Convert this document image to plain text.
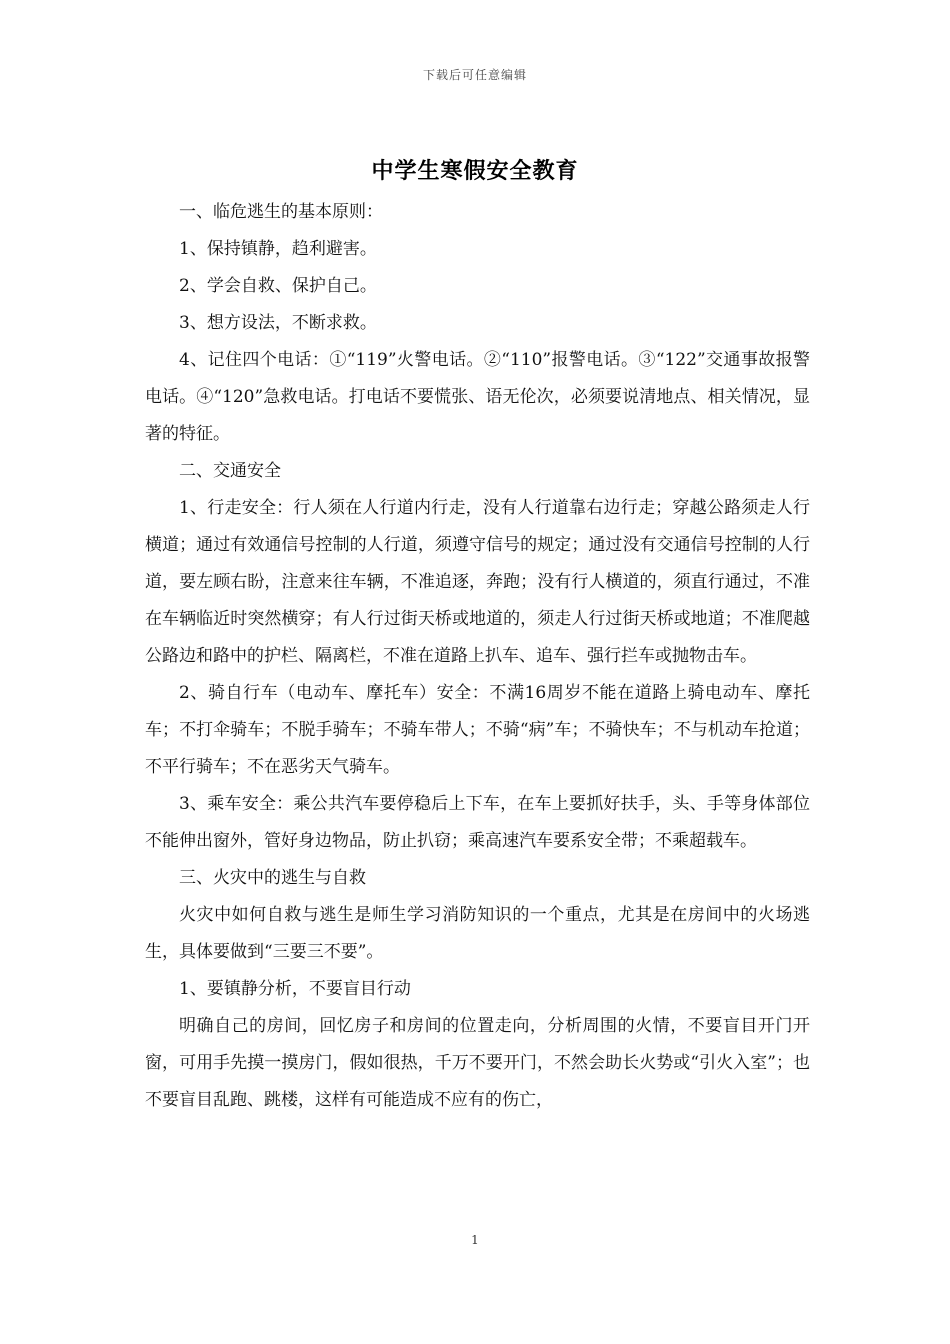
下载后可任意编辑
中学生寒假安全教育

一、临危逃生的基本原则：

1、保持镇静，趋利避害。

2、学会自救、保护自己。

3、想方设法，不断求救。

4、记住四个电话：①“119”火警电话。②“110”报警电话。③“122”交通事故报警电话。④“120”急救电话。打电话不要慌张、语无伦次，必须要说清地点、相关情况，显著的特征。

二、交通安全

1、行走安全：行人须在人行道内行走，没有人行道靠右边行走；穿越公路须走人行横道；通过有效通信号控制的人行道，须遵守信号的规定；通过没有交通信号控制的人行道，要左顾右盼，注意来往车辆，不准追逐，奔跑；没有行人横道的，须直行通过，不准在车辆临近时突然横穿；有人行过街天桥或地道的，须走人行过街天桥或地道；不准爬越公路边和路中的护栏、隔离栏，不准在道路上扒车、追车、强行拦车或抛物击车。

2、骑自行车（电动车、摩托车）安全：不满16周岁不能在道路上骑电动车、摩托车；不打伞骑车；不脱手骑车；不骑车带人；不骑“病”车；不骑快车；不与机动车抢道；不平行骑车；不在恶劣天气骑车。

3、乘车安全：乘公共汽车要停稳后上下车，在车上要抓好扶手，头、手等身体部位不能伸出窗外，管好身边物品，防止扒窃；乘高速汽车要系安全带；不乘超载车。

三、火灾中的逃生与自救

火灾中如何自救与逃生是师生学习消防知识的一个重点，尤其是在房间中的火场逃生，具体要做到“三要三不要”。

1、要镇静分析，不要盲目行动

明确自己的房间，回忆房子和房间的位置走向，分析周围的火情，不要盲目开门开窗，可用手先摸一摸房门，假如很热，千万不要开门，不然会助长火势或“引火入室”；也不要盲目乱跑、跳楼，这样有可能造成不应有的伤亡，

1
